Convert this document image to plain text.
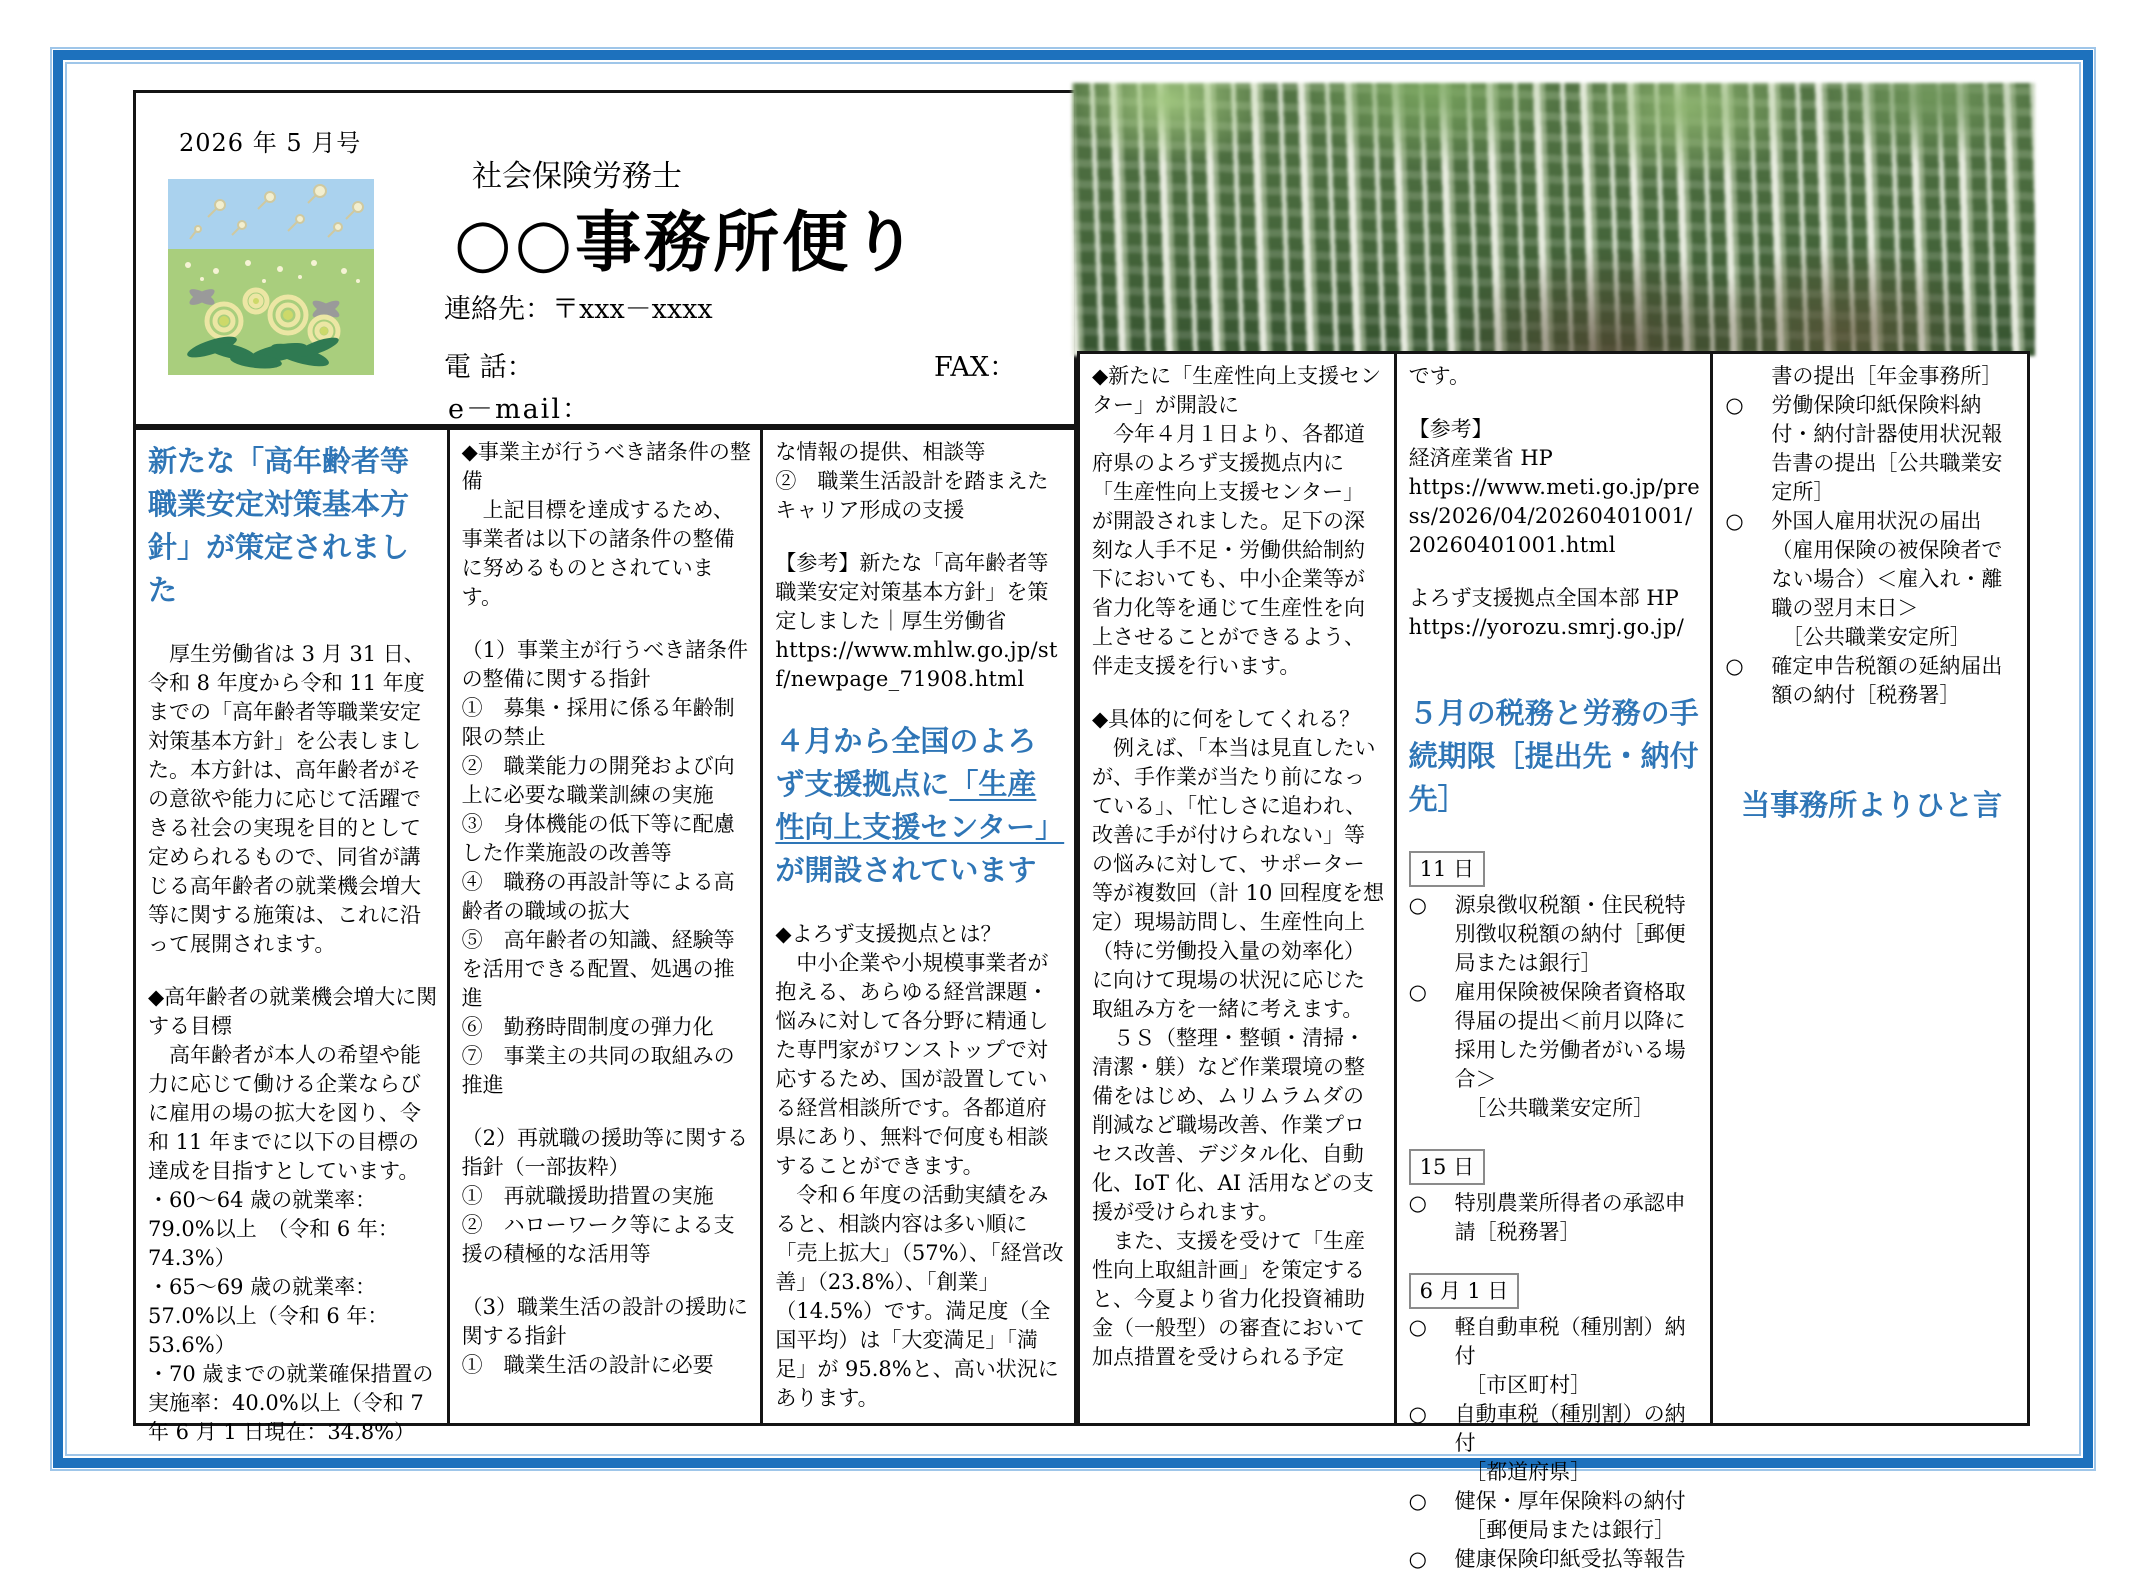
2026 年 5 月号
社会保険労務士
○○事務所便り
連絡先：〒xxx－xxxx
電 話：	FAX：
e－mail：
新たな「高年齢者等職業安定対策基本方針」が策定されました
　厚生労働省は 3 月 31 日、令和 8 年度から令和 11 年度までの「高年齢者等職業安定対策基本方針」を公表しました。本方針は、高年齢者がその意欲や能力に応じて活躍できる社会の実現を目的として定められるもので、同省が講じる高年齢者の就業機会増大等に関する施策は、これに沿って展開されます。
◆高年齢者の就業機会増大に関する目標
　高年齢者が本人の希望や能力に応じて働ける企業ならびに雇用の場の拡大を図り、令和 11 年までに以下の目標の達成を目指すとしています。
・60～64 歳の就業率：79.0%以上　（令和 6 年：74.3%）
・65～69 歳の就業率：57.0%以上（令和 6 年：53.6%）
・70 歳までの就業確保措置の実施率：40.0%以上（令和 7 年 6 月 1 日現在：34.8%）
◆事業主が行うべき諸条件の整備
　上記目標を達成するため、事業者は以下の諸条件の整備に努めるものとされています。
（1）事業主が行うべき諸条件の整備に関する指針
①　募集・採用に係る年齢制限の禁止
②　職業能力の開発および向上に必要な職業訓練の実施
③　身体機能の低下等に配慮した作業施設の改善等
④　職務の再設計等による高齢者の職域の拡大
⑤　高年齢者の知識、経験等を活用できる配置、処遇の推進
⑥　勤務時間制度の弾力化
⑦　事業主の共同の取組みの推進
（2）再就職の援助等に関する指針（一部抜粋）
①　再就職援助措置の実施
②　ハローワーク等による支援の積極的な活用等
（3）職業生活の設計の援助に関する指針
①　職業生活の設計に必要
な情報の提供、相談等
②　職業生活設計を踏まえたキャリア形成の支援
【参考】新たな「高年齢者等職業安定対策基本方針」を策定しました｜厚生労働省
https://www.mhlw.go.jp/stf/newpage_71908.html
４月から全国のよろず支援拠点に「生産性向上支援センター」が開設されています
◆よろず支援拠点とは？
　中小企業や小規模事業者が抱える、あらゆる経営課題・悩みに対して各分野に精通した専門家がワンストップで対応するため、国が設置している経営相談所です。各都道府県にあり、無料で何度も相談することができます。
　令和６年度の活動実績をみると、相談内容は多い順に「売上拡大」（57%）、「経営改善」（23.8%）、「創業」（14.5%）です。満足度（全国平均）は「大変満足」「満足」が 95.8%と、高い状況にあります。
◆新たに「生産性向上支援センター」が開設に
　今年４月１日より、各都道府県のよろず支援拠点内に「生産性向上支援センター」が開設されました。足下の深刻な人手不足・労働供給制約下においても、中小企業等が省力化等を通じて生産性を向上させることができるよう、伴走支援を行います。
◆具体的に何をしてくれる？
　例えば、「本当は見直したいが、手作業が当たり前になっている」、「忙しさに追われ、改善に手が付けられない」等の悩みに対して、サポーター等が複数回（計 10 回程度を想定）現場訪問し、生産性向上（特に労働投入量の効率化）に向けて現場の状況に応じた取組み方を一緒に考えます。
　５Ｓ（整理・整頓・清掃・清潔・躾）など作業環境の整備をはじめ、ムリムラムダの削減など職場改善、作業プロセス改善、デジタル化、自動化、IoT 化、AI 活用などの支援が受けられます。
　また、支援を受けて「生産性向上取組計画」を策定すると、今夏より省力化投資補助金（一般型）の審査において加点措置を受けられる予定
です。
【参考】
経済産業省 HP
https://www.meti.go.jp/press/2026/04/20260401001/20260401001.html
よろず支援拠点全国本部 HP
https://yorozu.smrj.go.jp/
５月の税務と労務の手続期限［提出先・納付先］
11 日
○	源泉徴収税額・住民税特別徴収税額の納付［郵便局または銀行］
○	雇用保険被保険者資格取得届の提出＜前月以降に採用した労働者がいる場合＞
　［公共職業安定所］
15 日
○	特別農業所得者の承認申請［税務署］
6 月 1 日
○	軽自動車税（種別割）納付
　［市区町村］
○	自動車税（種別割）の納付
　［都道府県］
○	健保・厚年保険料の納付
　［郵便局または銀行］
○	健康保険印紙受払等報告
書の提出［年金事務所］
○	労働保険印紙保険料納付・納付計器使用状況報告書の提出［公共職業安定所］
○	外国人雇用状況の届出（雇用保険の被保険者でない場合）＜雇入れ・離職の翌月末日＞
　［公共職業安定所］
○	確定申告税額の延納届出額の納付［税務署］
当事務所よりひと言
